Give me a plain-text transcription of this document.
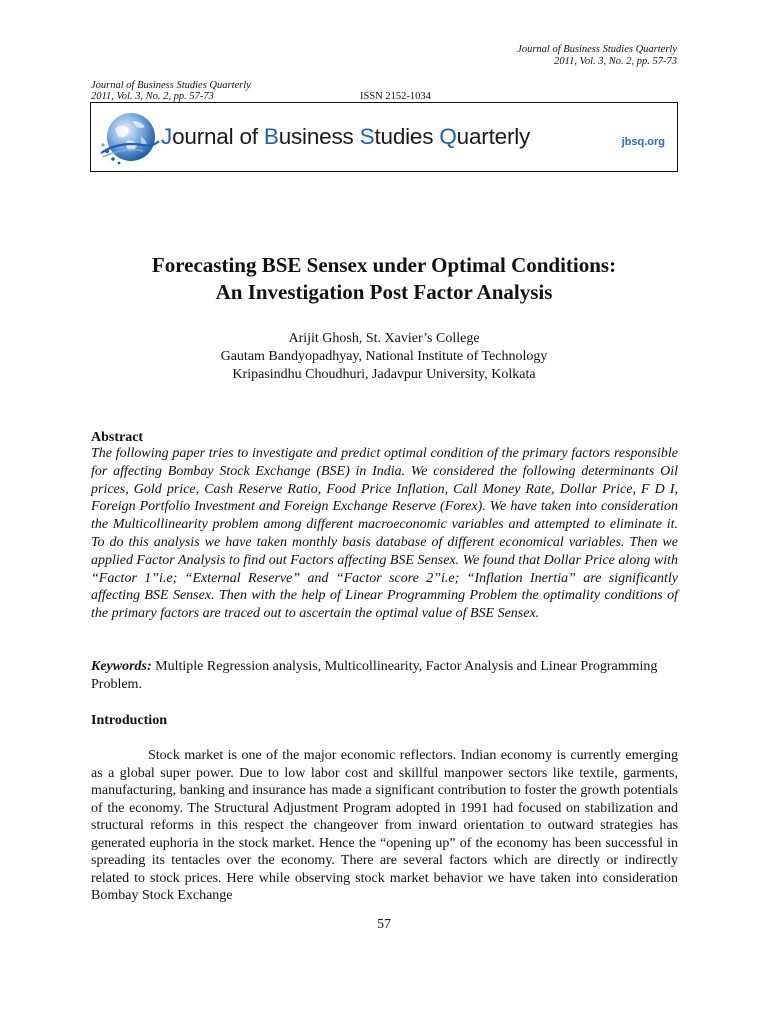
Journal of Business Studies Quarterly
2011, Vol. 3, No. 2, pp. 57-73
Journal of Business Studies Quarterly
2011, Vol. 3, No. 2, pp. 57-73	ISSN 2152-1034
Journal of Business Studies Quarterly	jbsq.org
Forecasting BSE Sensex under Optimal Conditions:
An Investigation Post Factor Analysis
Arijit Ghosh, St. Xavier’s College
Gautam Bandyopadhyay, National Institute of Technology
Kripasindhu Choudhuri, Jadavpur University, Kolkata
Abstract
The following paper tries to investigate and predict optimal condition of the primary factors responsible for affecting Bombay Stock Exchange (BSE) in India. We considered the following determinants Oil prices, Gold price, Cash Reserve Ratio, Food Price Inflation, Call Money Rate, Dollar Price, F D I, Foreign Portfolio Investment and Foreign Exchange Reserve (Forex). We have taken into consideration the Multicollinearity problem among different macroeconomic variables and attempted to eliminate it. To do this analysis we have taken monthly basis database of different economical variables. Then we applied Factor Analysis to find out Factors affecting BSE Sensex. We found that Dollar Price along with “Factor 1”i.e; “External Reserve” and “Factor score 2”i.e; “Inflation Inertia” are significantly affecting BSE Sensex. Then with the help of Linear Programming Problem the optimality conditions of the primary factors are traced out to ascertain the optimal value of BSE Sensex.
Keywords: Multiple Regression analysis, Multicollinearity, Factor Analysis and Linear Programming Problem.
Introduction
Stock market is one of the major economic reflectors. Indian economy is currently emerging as a global super power. Due to low labor cost and skillful manpower sectors like textile, garments, manufacturing, banking and insurance has made a significant contribution to foster the growth potentials of the economy. The Structural Adjustment Program adopted in 1991 had focused on stabilization and structural reforms in this respect the changeover from inward orientation to outward strategies has generated euphoria in the stock market. Hence the “opening up” of the economy has been successful in spreading its tentacles over the economy. There are several factors which are directly or indirectly related to stock prices. Here while observing stock market behavior we have taken into consideration Bombay Stock Exchange
57
